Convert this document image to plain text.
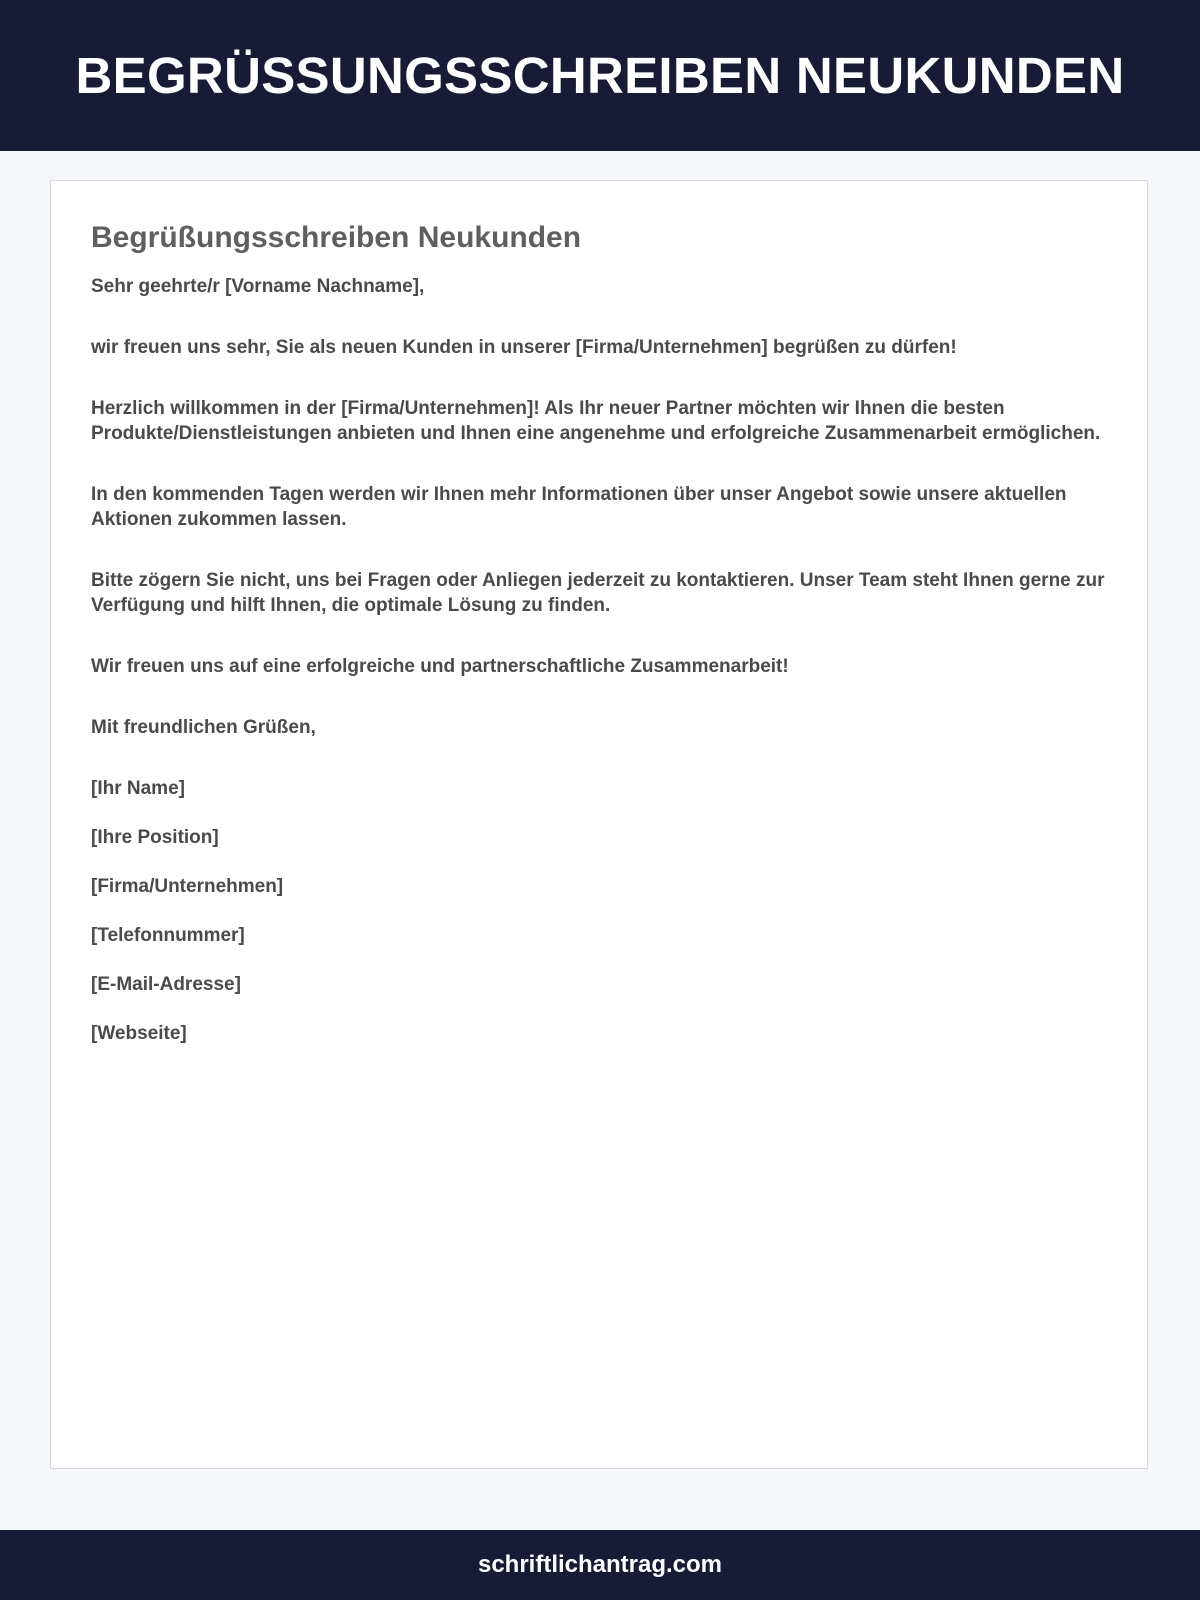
BEGRÜSSUNGSSCHREIBEN NEUKUNDEN
Begrüßungsschreiben Neukunden

Sehr geehrte/r [Vorname Nachname],

wir freuen uns sehr, Sie als neuen Kunden in unserer [Firma/Unternehmen] begrüßen zu dürfen!

Herzlich willkommen in der [Firma/Unternehmen]! Als Ihr neuer Partner möchten wir Ihnen die besten Produkte/Dienstleistungen anbieten und Ihnen eine angenehme und erfolgreiche Zusammenarbeit ermöglichen.

In den kommenden Tagen werden wir Ihnen mehr Informationen über unser Angebot sowie unsere aktuellen Aktionen zukommen lassen.

Bitte zögern Sie nicht, uns bei Fragen oder Anliegen jederzeit zu kontaktieren. Unser Team steht Ihnen gerne zur Verfügung und hilft Ihnen, die optimale Lösung zu finden.

Wir freuen uns auf eine erfolgreiche und partnerschaftliche Zusammenarbeit!

Mit freundlichen Grüßen,

[Ihr Name]

[Ihre Position]

[Firma/Unternehmen]

[Telefonnummer]

[E-Mail-Adresse]

[Webseite]

schriftlichantrag.com
